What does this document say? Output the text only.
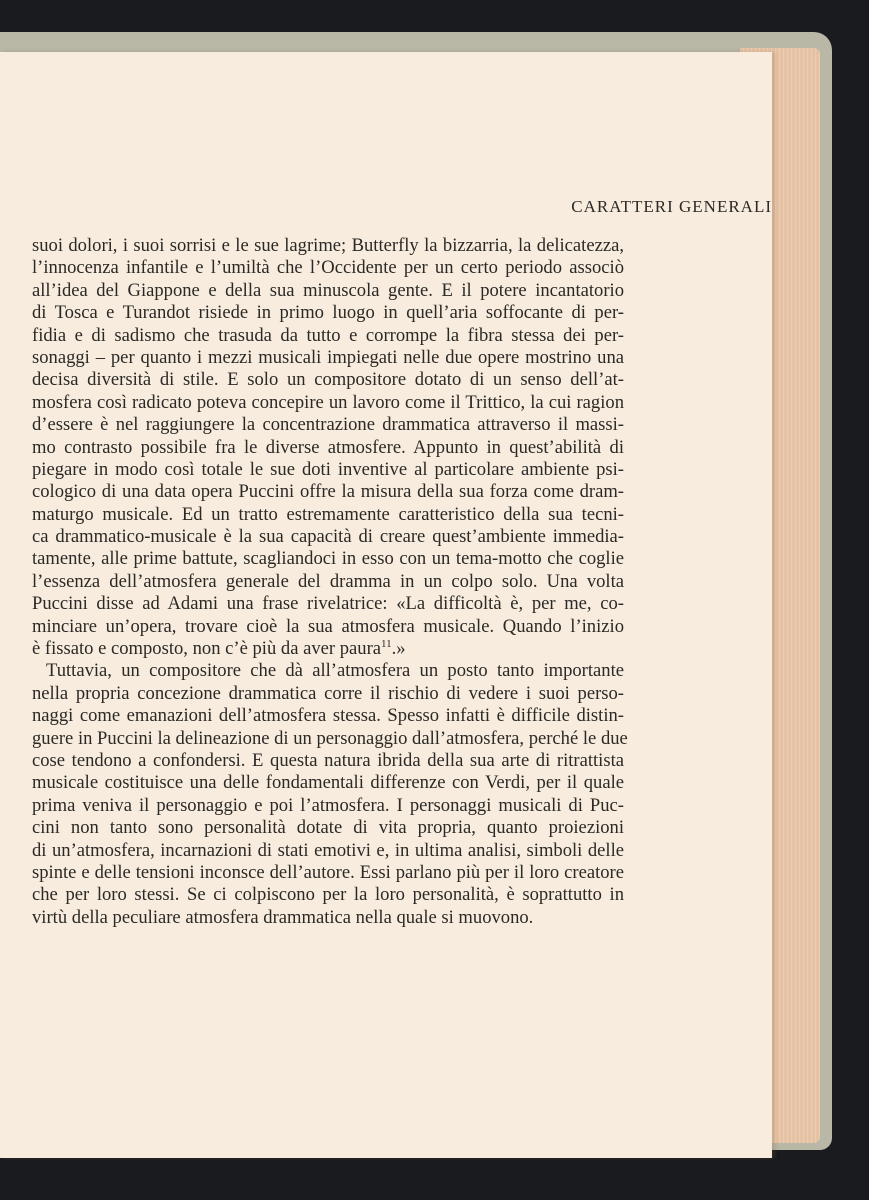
CARATTERI GENERALI
suoi dolori, i suoi sorrisi e le sue lagrime; Butterfly la bizzarria, la delicatezza,
l’innocenza infantile e l’umiltà che l’Occidente per un certo periodo associò
all’idea del Giappone e della sua minuscola gente. E il potere incantatorio
di Tosca e Turandot risiede in primo luogo in quell’aria soffocante di per-
fidia e di sadismo che trasuda da tutto e corrompe la fibra stessa dei per-
sonaggi – per quanto i mezzi musicali impiegati nelle due opere mostrino una
decisa diversità di stile. E solo un compositore dotato di un senso dell’at-
mosfera così radicato poteva concepire un lavoro come il Trittico, la cui ragion
d’essere è nel raggiungere la concentrazione drammatica attraverso il massi-
mo contrasto possibile fra le diverse atmosfere. Appunto in quest’abilità di
piegare in modo così totale le sue doti inventive al particolare ambiente psi-
cologico di una data opera Puccini offre la misura della sua forza come dram-
maturgo musicale. Ed un tratto estremamente caratteristico della sua tecni-
ca drammatico-musicale è la sua capacità di creare quest’ambiente immedia-
tamente, alle prime battute, scagliandoci in esso con un tema-motto che coglie
l’essenza dell’atmosfera generale del dramma in un colpo solo. Una volta
Puccini disse ad Adami una frase rivelatrice: «La difficoltà è, per me, co-
minciare un’opera, trovare cioè la sua atmosfera musicale. Quando l’inizio
è fissato e composto, non c’è più da aver paura$^{11}$.»
Tuttavia, un compositore che dà all’atmosfera un posto tanto importante
nella propria concezione drammatica corre il rischio di vedere i suoi perso-
naggi come emanazioni dell’atmosfera stessa. Spesso infatti è difficile distin-
guere in Puccini la delineazione di un personaggio dall’atmosfera, perché le due
cose tendono a confondersi. E questa natura ibrida della sua arte di ritrattista
musicale costituisce una delle fondamentali differenze con Verdi, per il quale
prima veniva il personaggio e poi l’atmosfera. I personaggi musicali di Puc-
cini non tanto sono personalità dotate di vita propria, quanto proiezioni
di un’atmosfera, incarnazioni di stati emotivi e, in ultima analisi, simboli delle
spinte e delle tensioni inconsce dell’autore. Essi parlano più per il loro creatore
che per loro stessi. Se ci colpiscono per la loro personalità, è soprattutto in
virtù della peculiare atmosfera drammatica nella quale si muovono.
